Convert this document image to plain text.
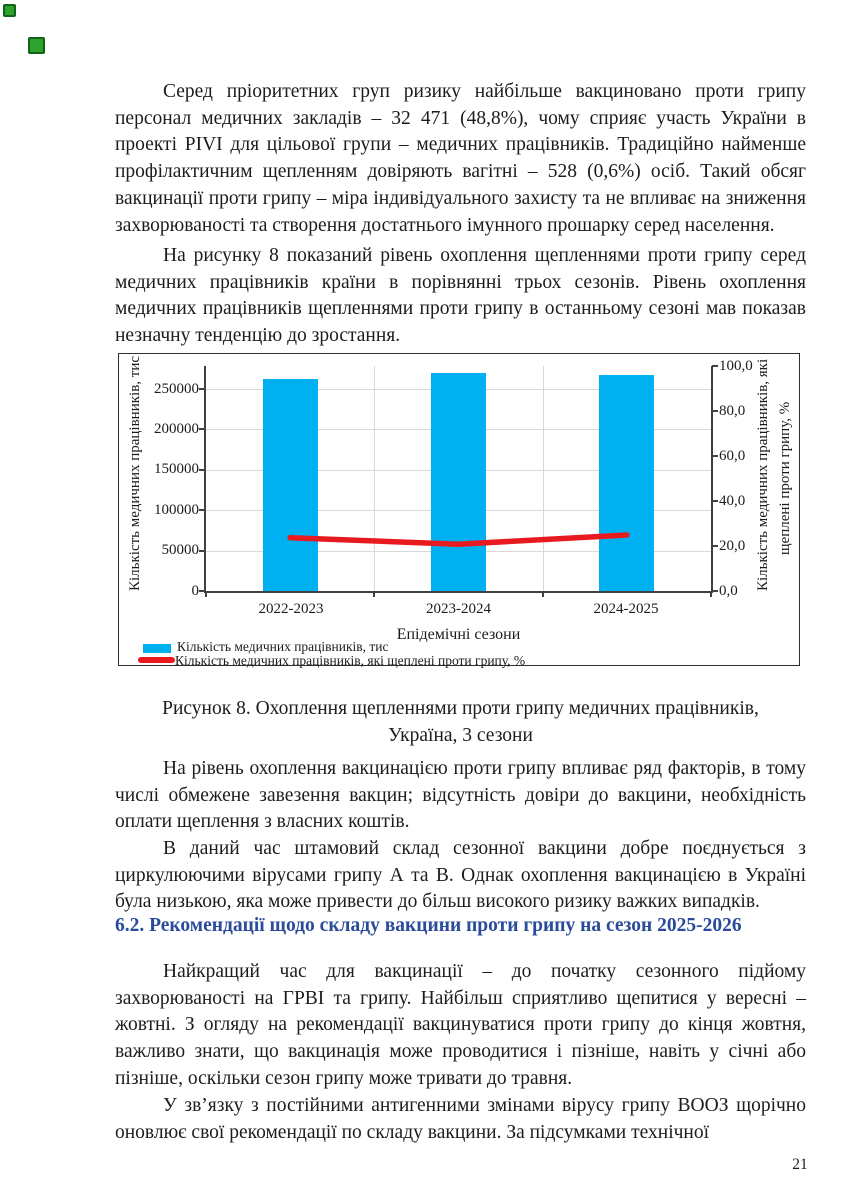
Серед пріоритетних груп ризику найбільше вакциновано проти грипу персонал медичних закладів – 32 471 (48,8%), чому сприяє участь України в проекті PIVI для цільової групи – медичних працівників. Традиційно найменше профілактичним щепленням довіряють вагітні – 528 (0,6%) осіб. Такий обсяг вакцинації проти грипу – міра індивідуального захисту та не впливає на зниження захворюваності та створення достатнього імунного прошарку серед населення.
На рисунку 8 показаний рівень охоплення щепленнями проти грипу серед медичних працівників країни в порівнянні трьох сезонів. Рівень охоплення медичних працівників щепленнями проти грипу в останньому сезоні мав показав незначну тенденцію до зростання.
Кількість медичних працівників, тис	Кількість медичних працівників, які щеплені проти грипу, %
0
50000
100000
150000
200000
250000
0,0
20,0
40,0
60,0
80,0
100,0
2022-2023	2023-2024	2024-2025
Епідемічні сезони
Кількість медичних працівників, тис
Кількість медичних працівників, які щеплені проти грипу, %
Рисунок 8. Охоплення щепленнями проти грипу медичних працівників,
Україна, 3 сезони
На рівень охоплення вакцинацією проти грипу впливає ряд факторів, в тому числі обмежене завезення вакцин; відсутність довіри до вакцини, необхідність оплати щеплення з власних коштів.
В даний час штамовий склад сезонної вакцини добре поєднується з циркулюючими вірусами грипу А та В. Однак охоплення вакцинацією в Україні була низькою, яка може привести до більш високого ризику важких випадків.
6.2. Рекомендації щодо складу вакцини проти грипу на сезон 2025-2026
Найкращий час для вакцинації – до початку сезонного підйому захворюваності на ГРВІ та грипу. Найбільш сприятливо щепитися у вересні – жовтні. З огляду на рекомендації вакцинуватися проти грипу до кінця жовтня, важливо знати, що вакцинація може проводитися і пізніше, навіть у січні або пізніше, оскільки сезон грипу може тривати до травня.
У зв’язку з постійними антигенними змінами вірусу грипу ВООЗ щорічно оновлює свої рекомендації по складу вакцини. За підсумками технічної
21
